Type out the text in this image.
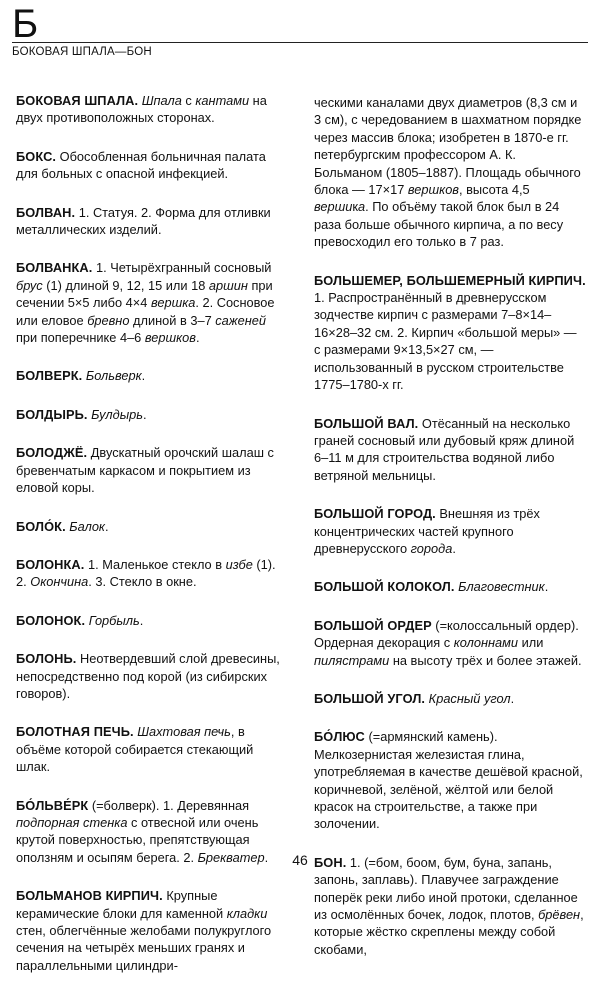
Б
БОКОВАЯ ШПАЛА—БОН
БОКОВАЯ ШПАЛА. Шпала с кантами на двух противоположных сторонах.
БОКС. Обособленная больничная палата для больных с опасной инфекцией.
БОЛВАН. 1. Статуя. 2. Форма для отливки металлических изделий.
БОЛВАНКА. 1. Четырёхгранный сосновый брус (1) длиной 9, 12, 15 или 18 аршин при сечении 5×5 либо 4×4 вершка. 2. Сосновое или еловое бревно длиной в 3–7 саженей при поперечнике 4–6 вершков.
БОЛВЕРК. Больверк.
БОЛДЫРЬ. Булдырь.
БОЛОДЖЁ. Двускатный орочский шалаш с бревенчатым каркасом и покрытием из еловой коры.
БОЛО́К. Балок.
БОЛОНКА. 1. Маленькое стекло в избе (1). 2. Окончина. 3. Стекло в окне.
БОЛОНОК. Горбыль.
БОЛОНЬ. Неотвердевший слой древесины, непосредственно под корой (из сибирских говоров).
БОЛОТНАЯ ПЕЧЬ. Шахтовая печь, в объёме которой собирается стекающий шлак.
БО́ЛЬВЕ́РК (=болверк). 1. Деревянная подпорная стенка с отвесной или очень крутой поверхностью, препятствующая оползням и осыпям берега. 2. Брекватер.
БОЛЬМАНОВ КИРПИЧ. Крупные керамические блоки для каменной кладки стен, облегчённые желобами полукруглого сечения на четырёх меньших гранях и параллельными цилиндри-
ческими каналами двух диаметров (8,3 см и 3 см), с чередованием в шахматном порядке через массив блока; изобретен в 1870-е гг. петербургским профессором А. К. Больманом (1805–1887). Площадь обычного блока — 17×17 вершков, высота 4,5 вершика. По объёму такой блок был в 24 раза больше обычного кирпича, а по весу превосходил его только в 7 раз.
БОЛЬШЕМЕР, БОЛЬШЕМЕРНЫЙ КИРПИЧ. 1. Распространённый в древнерусском зодчестве кирпич с размерами 7–8×14–16×28–32 см. 2. Кирпич «большой меры» — с размерами 9×13,5×27 см, — использованный в русском строительстве 1775–1780-х гг.
БОЛЬШОЙ ВАЛ. Отёсанный на несколько граней сосновый или дубовый кряж длиной 6–11 м для строительства водяной либо ветряной мельницы.
БОЛЬШОЙ ГОРОД. Внешняя из трёх концентрических частей крупного древнерусского города.
БОЛЬШОЙ КОЛОКОЛ. Благовестник.
БОЛЬШОЙ ОРДЕР (=колоссальный ордер). Ордерная декорация с колоннами или пилястрами на высоту трёх и более этажей.
БОЛЬШОЙ УГОЛ. Красный угол.
БО́ЛЮС (=армянский камень). Мелкозернистая железистая глина, употребляемая в качестве дешёвой красной, коричневой, зелёной, жёлтой или белой красок на строительстве, а также при золочении.
БОН. 1. (=бом, боом, бум, буна, запань, запонь, заплавь). Плавучее заграждение поперёк реки либо иной протоки, сделанное из осмолённых бочек, лодок, плотов, брёвен, которые жёстко скреплены между собой скобами,
46
